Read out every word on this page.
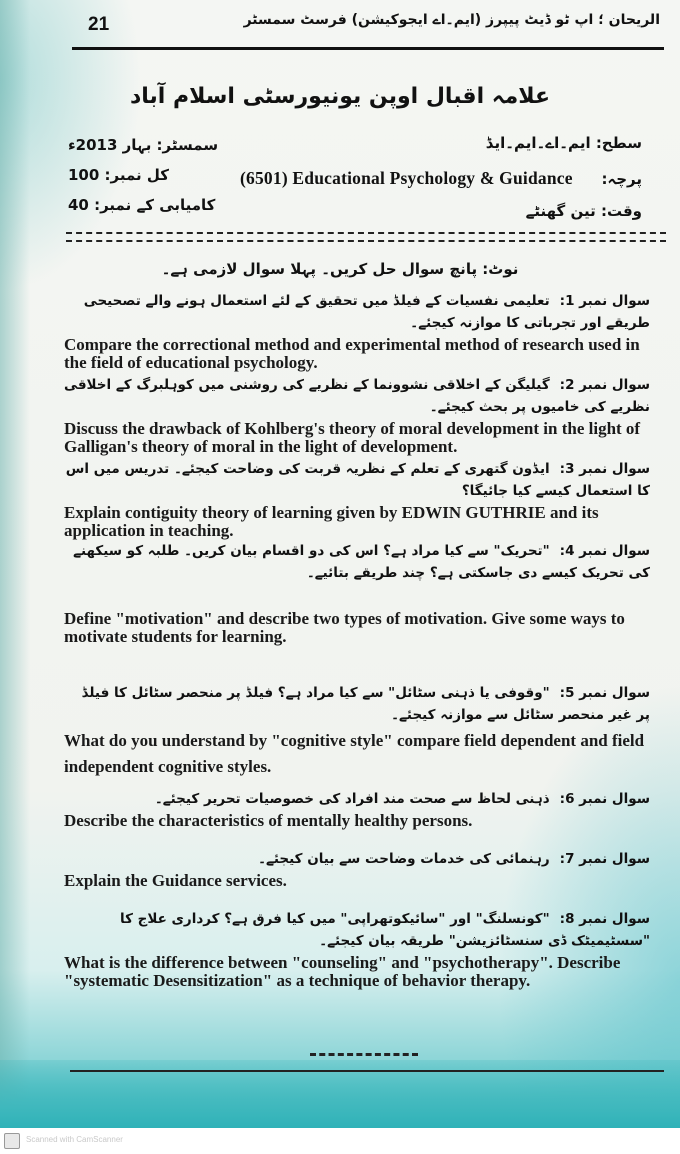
21	الریحان ؛ اپ ٹو ڈیٹ پیپرز (ایم۔اے ایجوکیشن) فرسٹ سمسٹر
علامہ اقبال اوپن یونیورسٹی اسلام آباد
سطح: ایم۔اے۔ایم۔ایڈ
پرچہ:
(6501) Educational Psychology & Guidance
وقت: تین گھنٹے
سمسٹر: بہار 2013ء
کل نمبر: 100
کامیابی کے نمبر: 40
نوٹ: پانچ سوال حل کریں۔ پہلا سوال لازمی ہے۔
سوال نمبر 1:تعلیمی نفسیات کے فیلڈ میں تحقیق کے لئے استعمال ہونے والے تصحیحی طریقے اور تجرباتی کا موازنہ کیجئے۔
Compare the correctional method and experimental method of research used in the field of educational psychology.
سوال نمبر 2:گیلیگن کے اخلاقی نشوونما کے نظریے کی روشنی میں کوہلبرگ کے اخلاقی نظریے کی خامیوں پر بحث کیجئے۔
Discuss the drawback of Kohlberg's theory of moral development in the light of Galligan's theory of moral in the light of development.
سوال نمبر 3:ایڈون گتھری کے تعلم کے نظریہ قربت کی وضاحت کیجئے۔ تدریس میں اس کا استعمال کیسے کیا جائیگا؟
Explain contiguity theory of learning given by EDWIN GUTHRIE and its application in teaching.
سوال نمبر 4:"تحریک" سے کیا مراد ہے؟ اس کی دو اقسام بیان کریں۔ طلبہ کو سیکھنے کی تحریک کیسے دی جاسکتی ہے؟ چند طریقے بتائیے۔
Define "motivation" and describe two types of motivation. Give some ways to motivate students for learning.
سوال نمبر 5:"وقوفی یا ذہنی سٹائل" سے کیا مراد ہے؟ فیلڈ پر منحصر سٹائل کا فیلڈ پر غیر منحصر سٹائل سے موازنہ کیجئے۔
What do you understand by "cognitive style" compare field dependent and field independent cognitive styles.
سوال نمبر 6:ذہنی لحاظ سے صحت مند افراد کی خصوصیات تحریر کیجئے۔
Describe the characteristics of mentally healthy persons.
سوال نمبر 7:رہنمائی کی خدمات وضاحت سے بیان کیجئے۔
Explain the Guidance services.
سوال نمبر 8:"کونسلنگ" اور "سائیکوتھراپی" میں کیا فرق ہے؟ کرداری علاج کا "سسٹیمیٹک ڈی سنسٹائزیشن" طریقہ بیان کیجئے۔
What is the difference between "counseling" and "psychotherapy". Describe "systematic Desensitization" as a technique of behavior therapy.
Scanned with CamScanner
